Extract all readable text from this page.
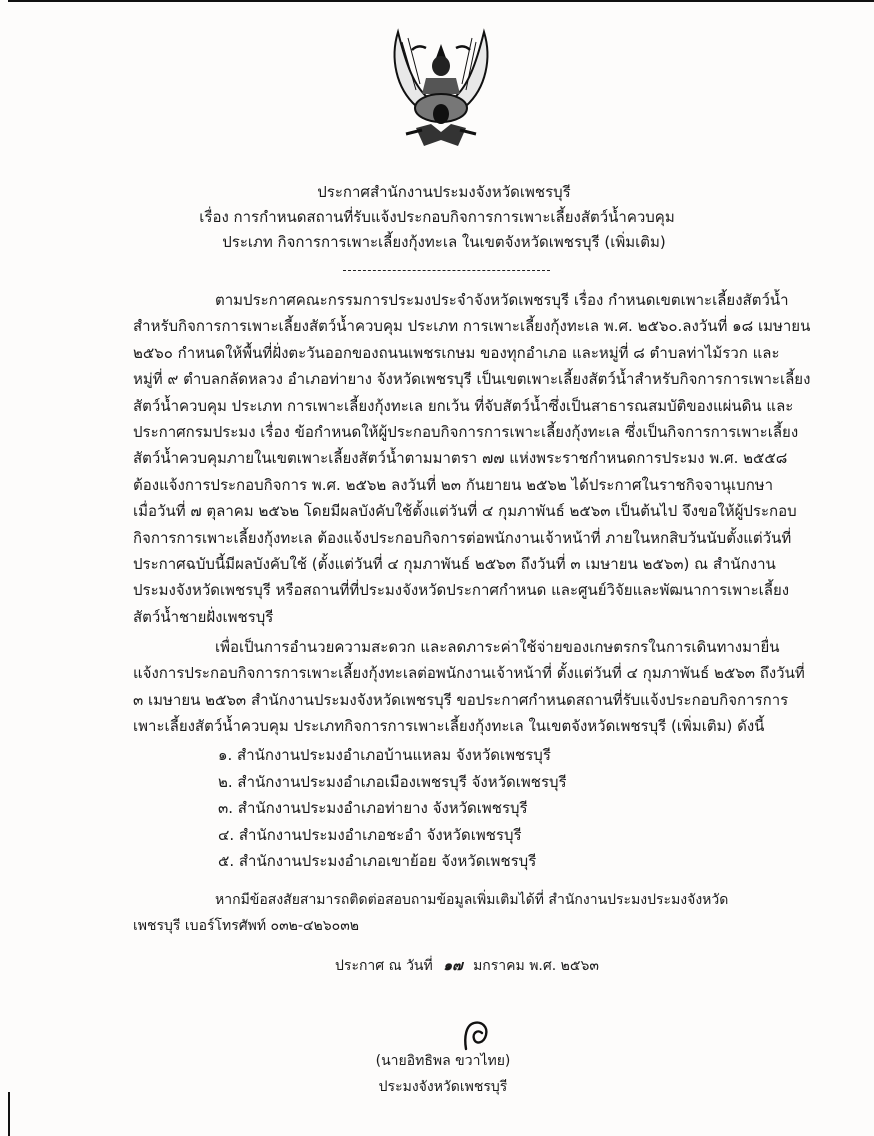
ประกาศสำนักงานประมงจังหวัดเพชรบุรี
เรื่อง การกำหนดสถานที่รับแจ้งประกอบกิจการการเพาะเลี้ยงสัตว์น้ำควบคุม
ประเภท กิจการการเพาะเลี้ยงกุ้งทะเล ในเขตจังหวัดเพชรบุรี (เพิ่มเติม)
ตามประกาศคณะกรรมการประมงประจำจังหวัดเพชรบุรี เรื่อง กำหนดเขตเพาะเลี้ยงสัตว์น้ำ
สำหรับกิจการการเพาะเลี้ยงสัตว์น้ำควบคุม ประเภท การเพาะเลี้ยงกุ้งทะเล พ.ศ. ๒๕๖๐.ลงวันที่ ๑๘ เมษายน
๒๕๖๐ กำหนดให้พื้นที่ฝั่งตะวันออกของถนนเพชรเกษม ของทุกอำเภอ และหมู่ที่ ๘ ตำบลท่าไม้รวก และ
หมู่ที่ ๙ ตำบลกลัดหลวง อำเภอท่ายาง จังหวัดเพชรบุรี เป็นเขตเพาะเลี้ยงสัตว์น้ำสำหรับกิจการการเพาะเลี้ยง
สัตว์น้ำควบคุม ประเภท การเพาะเลี้ยงกุ้งทะเล ยกเว้น ที่จับสัตว์น้ำซึ่งเป็นสาธารณสมบัติของแผ่นดิน และ
ประกาศกรมประมง เรื่อง ข้อกำหนดให้ผู้ประกอบกิจการการเพาะเลี้ยงกุ้งทะเล ซึ่งเป็นกิจการการเพาะเลี้ยง
สัตว์น้ำควบคุมภายในเขตเพาะเลี้ยงสัตว์น้ำตามมาตรา ๗๗ แห่งพระราชกำหนดการประมง พ.ศ. ๒๕๕๘
ต้องแจ้งการประกอบกิจการ พ.ศ. ๒๕๖๒ ลงวันที่ ๒๓ กันยายน ๒๕๖๒ ได้ประกาศในราชกิจจานุเบกษา
เมื่อวันที่ ๗ ตุลาคม ๒๕๖๒ โดยมีผลบังคับใช้ตั้งแต่วันที่ ๔ กุมภาพันธ์ ๒๕๖๓ เป็นต้นไป จึงขอให้ผู้ประกอบ
กิจการการเพาะเลี้ยงกุ้งทะเล ต้องแจ้งประกอบกิจการต่อพนักงานเจ้าหน้าที่ ภายในหกสิบวันนับตั้งแต่วันที่
ประกาศฉบับนี้มีผลบังคับใช้ (ตั้งแต่วันที่ ๔ กุมภาพันธ์ ๒๕๖๓ ถึงวันที่ ๓ เมษายน ๒๕๖๓) ณ สำนักงาน
ประมงจังหวัดเพชรบุรี หรือสถานที่ที่ประมงจังหวัดประกาศกำหนด และศูนย์วิจัยและพัฒนาการเพาะเลี้ยง
สัตว์น้ำชายฝั่งเพชรบุรี
เพื่อเป็นการอำนวยความสะดวก และลดภาระค่าใช้จ่ายของเกษตรกรในการเดินทางมายื่น
แจ้งการประกอบกิจการการเพาะเลี้ยงกุ้งทะเลต่อพนักงานเจ้าหน้าที่ ตั้งแต่วันที่ ๔ กุมภาพันธ์ ๒๕๖๓ ถึงวันที่
๓ เมษายน ๒๕๖๓ สำนักงานประมงจังหวัดเพชรบุรี ขอประกาศกำหนดสถานที่รับแจ้งประกอบกิจการการ
เพาะเลี้ยงสัตว์น้ำควบคุม ประเภทกิจการการเพาะเลี้ยงกุ้งทะเล ในเขตจังหวัดเพชรบุรี (เพิ่มเติม) ดังนี้
๑. สำนักงานประมงอำเภอบ้านแหลม จังหวัดเพชรบุรี
๒. สำนักงานประมงอำเภอเมืองเพชรบุรี จังหวัดเพชรบุรี
๓. สำนักงานประมงอำเภอท่ายาง จังหวัดเพชรบุรี
๔. สำนักงานประมงอำเภอชะอำ จังหวัดเพชรบุรี
๕. สำนักงานประมงอำเภอเขาย้อย จังหวัดเพชรบุรี
หากมีข้อสงสัยสามารถติดต่อสอบถามข้อมูลเพิ่มเติมได้ที่ สำนักงานประมงประมงจังหวัด
เพชรบุรี เบอร์โทรศัพท์ ๐๓๒-๔๒๖๐๓๒
ประกาศ ณ วันที่ ๑๗ มกราคม พ.ศ. ๒๕๖๓
(นายอิทธิพล ขวาไทย)
ประมงจังหวัดเพชรบุรี
